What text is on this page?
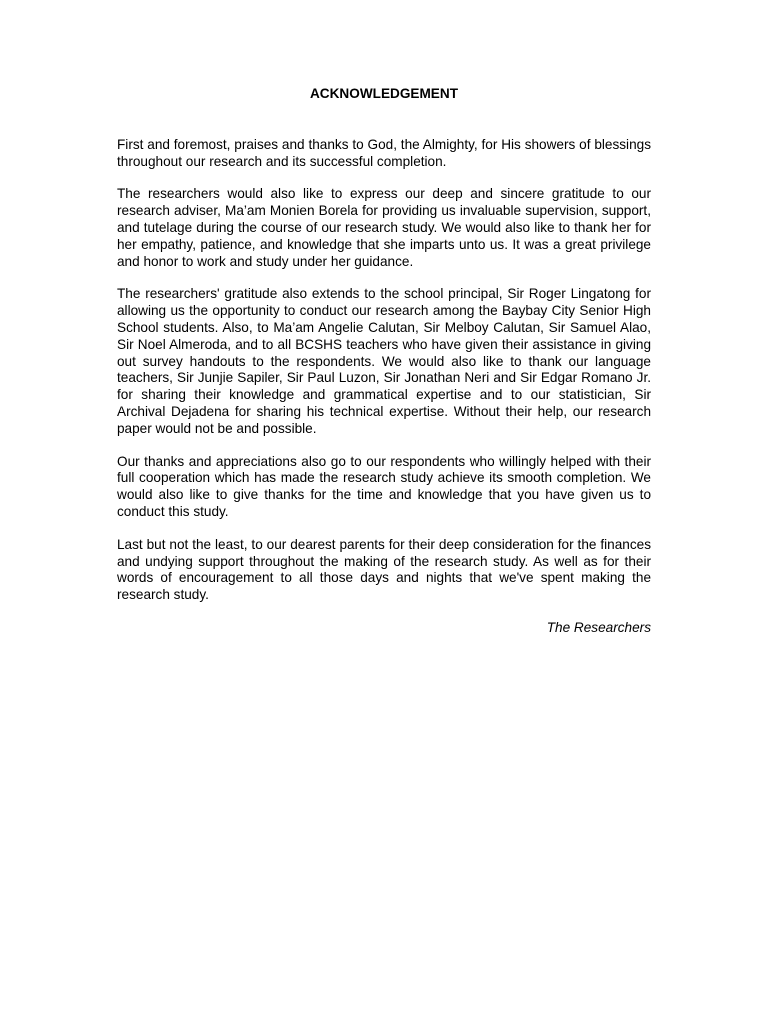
ACKNOWLEDGEMENT

First and foremost, praises and thanks to God, the Almighty, for His showers of blessings throughout our research and its successful completion.

The researchers would also like to express our deep and sincere gratitude to our research adviser, Ma’am Monien Borela for providing us invaluable supervision, support, and tutelage during the course of our research study. We would also like to thank her for her empathy, patience, and knowledge that she imparts unto us. It was a great privilege and honor to work and study under her guidance.

The researchers' gratitude also extends to the school principal, Sir Roger Lingatong for allowing us the opportunity to conduct our research among the Baybay City Senior High School students. Also, to Ma’am Angelie Calutan, Sir Melboy Calutan, Sir Samuel Alao, Sir Noel Almeroda, and to all BCSHS teachers who have given their assistance in giving out survey handouts to the respondents. We would also like to thank our language teachers, Sir Junjie Sapiler, Sir Paul Luzon, Sir Jonathan Neri and Sir Edgar Romano Jr. for sharing their knowledge and grammatical expertise and to our statistician, Sir Archival Dejadena for sharing his technical expertise. Without their help, our research paper would not be and possible.

Our thanks and appreciations also go to our respondents who willingly helped with their full cooperation which has made the research study achieve its smooth completion. We would also like to give thanks for the time and knowledge that you have given us to conduct this study.

Last but not the least, to our dearest parents for their deep consideration for the finances and undying support throughout the making of the research study. As well as for their words of encouragement to all those days and nights that we've spent making the research study.

The Researchers
